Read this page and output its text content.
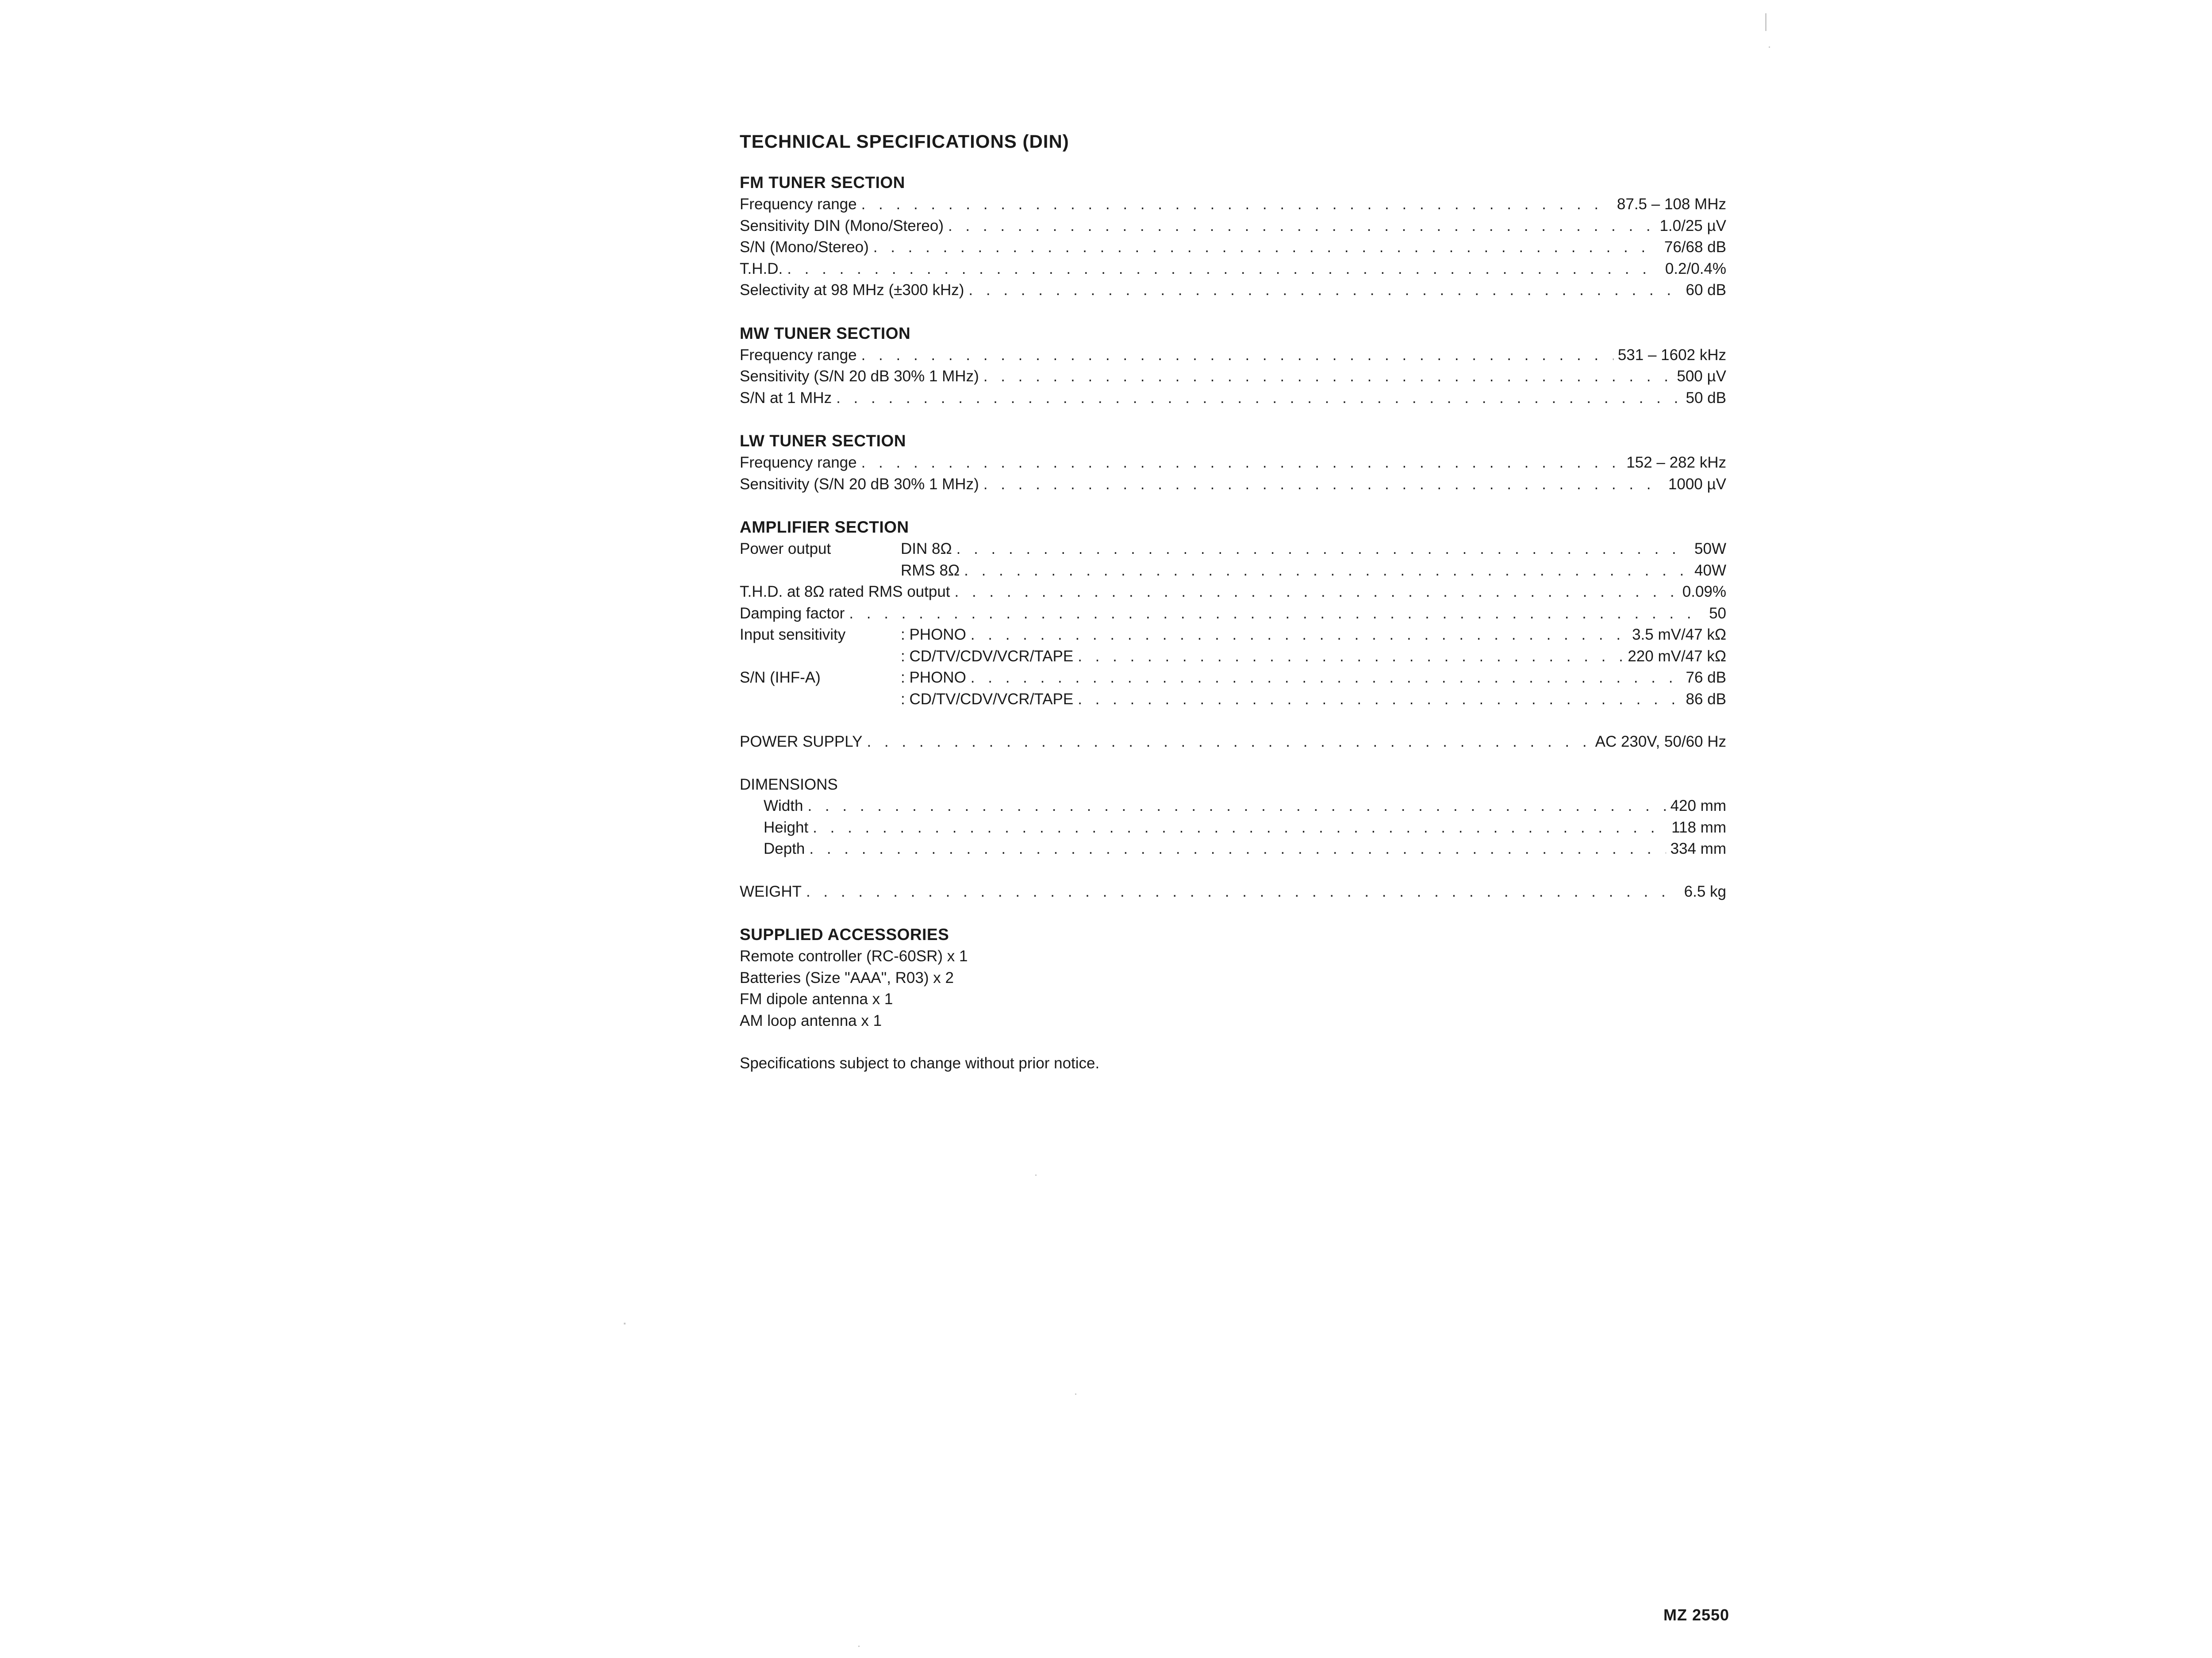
TECHNICAL SPECIFICATIONS (DIN)
FM TUNER SECTION
Frequency range . . .	87.5 – 108 MHz
Sensitivity DIN (Mono/Stereo) . . .	1.0/25 µV
S/N (Mono/Stereo) . . .	76/68 dB
T.H.D. . . .	0.2/0.4%
Selectivity at 98 MHz (±300 kHz) . . .	60 dB
MW TUNER SECTION
Frequency range . . .	531 – 1602 kHz
Sensitivity (S/N 20 dB 30% 1 MHz) . . .	500 µV
S/N at 1 MHz . . .	50 dB
LW TUNER SECTION
Frequency range . . .	152 – 282 kHz
Sensitivity (S/N 20 dB 30% 1 MHz) . . .	1000 µV
AMPLIFIER SECTION
Power output	DIN 8Ω . . .	50W
RMS 8Ω . . .	40W
T.H.D. at 8Ω rated RMS output . . .	0.09%
Damping factor . . .	50
Input sensitivity	: PHONO . . .	3.5 mV/47 kΩ
: CD/TV/CDV/VCR/TAPE . . .	220 mV/47 kΩ
S/N (IHF-A)	: PHONO . . .	76 dB
: CD/TV/CDV/VCR/TAPE . . .	86 dB
POWER SUPPLY . . .	AC 230V, 50/60 Hz
DIMENSIONS
Width . . .	420 mm
Height . . .	118 mm
Depth . . .	334 mm
WEIGHT . . .	6.5 kg
SUPPLIED ACCESSORIES
Remote controller (RC-60SR) x 1
Batteries (Size "AAA", R03) x 2
FM dipole antenna x 1
AM loop antenna x 1
Specifications subject to change without prior notice.
MZ 2550
